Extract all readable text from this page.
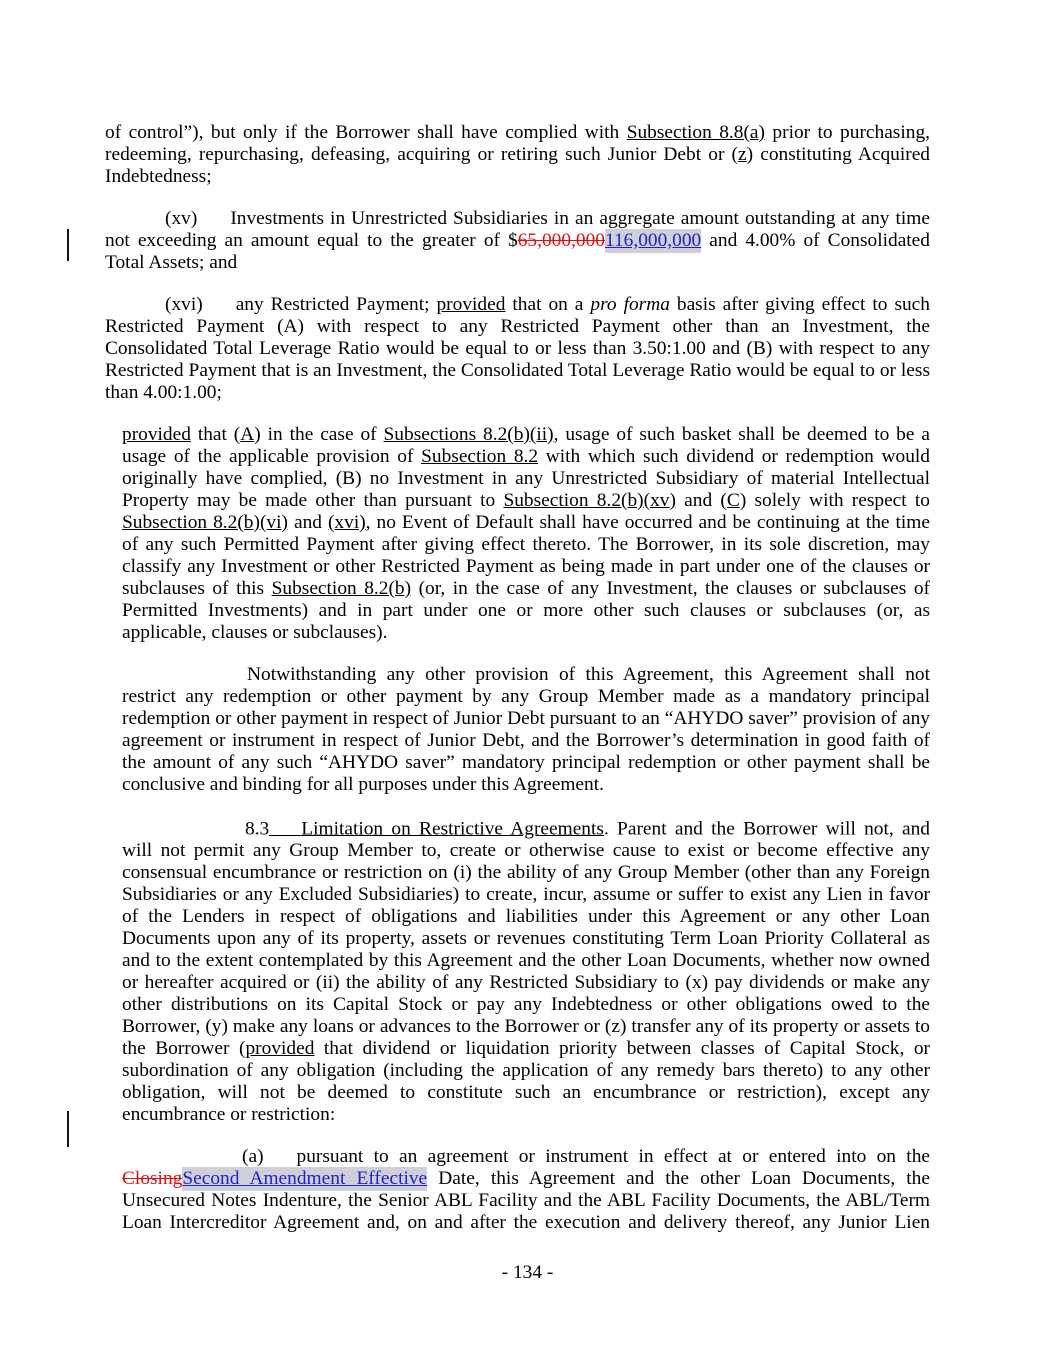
of control”), but only if the Borrower shall have complied with Subsection 8.8(a) prior to purchasing, redeeming, repurchasing, defeasing, acquiring or retiring such Junior Debt or (z) constituting Acquired Indebtedness;

(xv) Investments in Unrestricted Subsidiaries in an aggregate amount outstanding at any time not exceeding an amount equal to the greater of $65,000,000116,000,000 and 4.00% of Consolidated Total Assets; and

(xvi) any Restricted Payment; provided that on a pro forma basis after giving effect to such Restricted Payment (A) with respect to any Restricted Payment other than an Investment, the Consolidated Total Leverage Ratio would be equal to or less than 3.50:1.00 and (B) with respect to any Restricted Payment that is an Investment, the Consolidated Total Leverage Ratio would be equal to or less than 4.00:1.00;

provided that (A) in the case of Subsections 8.2(b)(ii), usage of such basket shall be deemed to be a usage of the applicable provision of Subsection 8.2 with which such dividend or redemption would originally have complied, (B) no Investment in any Unrestricted Subsidiary of material Intellectual Property may be made other than pursuant to Subsection 8.2(b)(xv) and (C) solely with respect to Subsection 8.2(b)(vi) and (xvi), no Event of Default shall have occurred and be continuing at the time of any such Permitted Payment after giving effect thereto. The Borrower, in its sole discretion, may classify any Investment or other Restricted Payment as being made in part under one of the clauses or subclauses of this Subsection 8.2(b) (or, in the case of any Investment, the clauses or subclauses of Permitted Investments) and in part under one or more other such clauses or subclauses (or, as applicable, clauses or subclauses).

Notwithstanding any other provision of this Agreement, this Agreement shall not restrict any redemption or other payment by any Group Member made as a mandatory principal redemption or other payment in respect of Junior Debt pursuant to an “AHYDO saver” provision of any agreement or instrument in respect of Junior Debt, and the Borrower’s determination in good faith of the amount of any such “AHYDO saver” mandatory principal redemption or other payment shall be conclusive and binding for all purposes under this Agreement.

8.3 Limitation on Restrictive Agreements. Parent and the Borrower will not, and will not permit any Group Member to, create or otherwise cause to exist or become effective any consensual encumbrance or restriction on (i) the ability of any Group Member (other than any Foreign Subsidiaries or any Excluded Subsidiaries) to create, incur, assume or suffer to exist any Lien in favor of the Lenders in respect of obligations and liabilities under this Agreement or any other Loan Documents upon any of its property, assets or revenues constituting Term Loan Priority Collateral as and to the extent contemplated by this Agreement and the other Loan Documents, whether now owned or hereafter acquired or (ii) the ability of any Restricted Subsidiary to (x) pay dividends or make any other distributions on its Capital Stock or pay any Indebtedness or other obligations owed to the Borrower, (y) make any loans or advances to the Borrower or (z) transfer any of its property or assets to the Borrower (provided that dividend or liquidation priority between classes of Capital Stock, or subordination of any obligation (including the application of any remedy bars thereto) to any other obligation, will not be deemed to constitute such an encumbrance or restriction), except any encumbrance or restriction:

(a) pursuant to an agreement or instrument in effect at or entered into on the ClosingSecond Amendment Effective Date, this Agreement and the other Loan Documents, the Unsecured Notes Indenture, the Senior ABL Facility and the ABL Facility Documents, the ABL/Term Loan Intercreditor Agreement and, on and after the execution and delivery thereof, any Junior Lien

- 134 -
